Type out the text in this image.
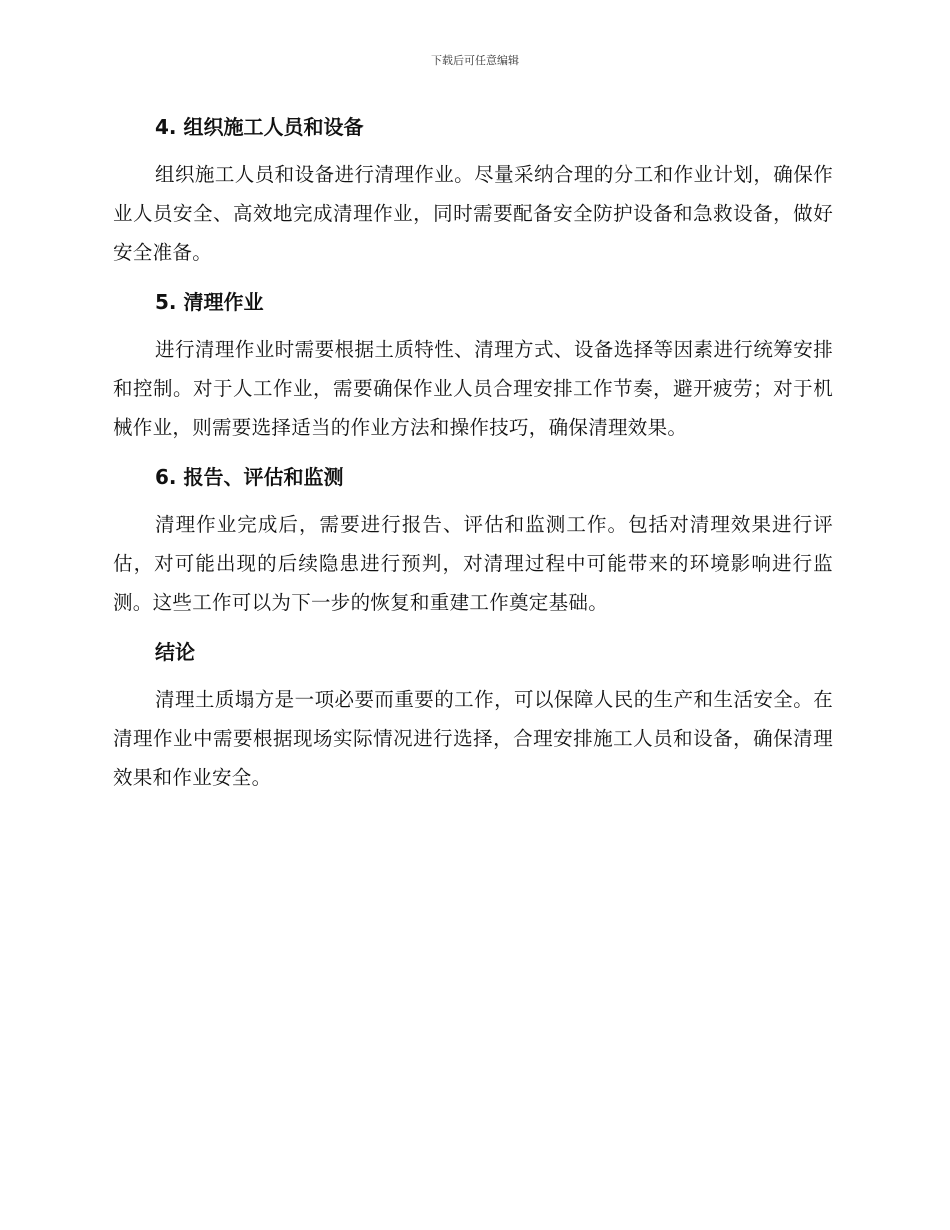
下载后可任意编辑
4. 组织施工人员和设备

组织施工人员和设备进行清理作业。尽量采纳合理的分工和作业计划，确保作业人员安全、高效地完成清理作业，同时需要配备安全防护设备和急救设备，做好安全准备。

5. 清理作业

进行清理作业时需要根据土质特性、清理方式、设备选择等因素进行统筹安排和控制。对于人工作业，需要确保作业人员合理安排工作节奏，避开疲劳；对于机械作业，则需要选择适当的作业方法和操作技巧，确保清理效果。

6. 报告、评估和监测

清理作业完成后，需要进行报告、评估和监测工作。包括对清理效果进行评估，对可能出现的后续隐患进行预判，对清理过程中可能带来的环境影响进行监测。这些工作可以为下一步的恢复和重建工作奠定基础。

结论

清理土质塌方是一项必要而重要的工作，可以保障人民的生产和生活安全。在清理作业中需要根据现场实际情况进行选择，合理安排施工人员和设备，确保清理效果和作业安全。
